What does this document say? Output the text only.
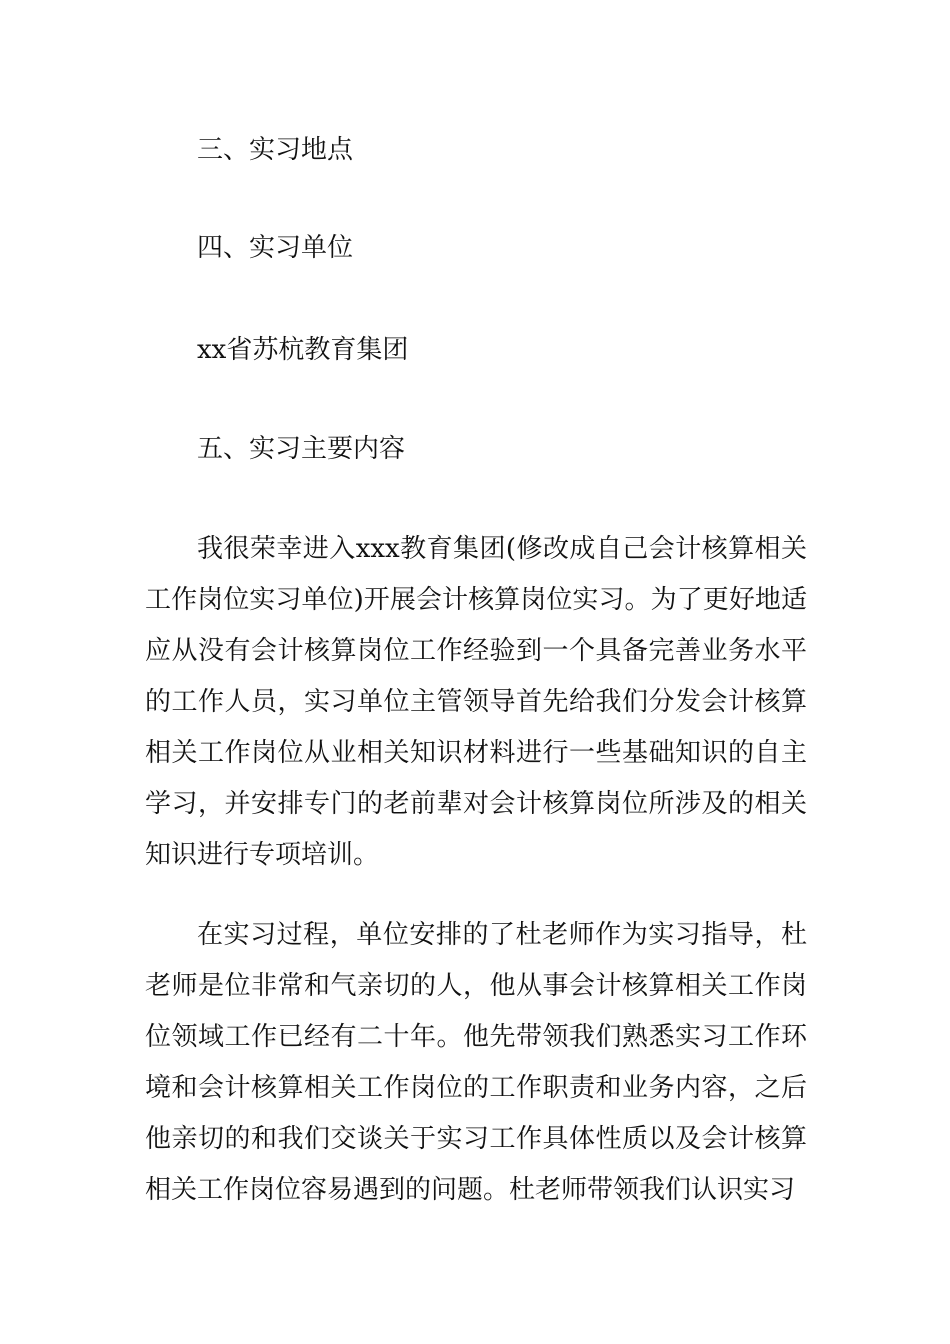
三、实习地点
四、实习单位
xx省苏杭教育集团
五、实习主要内容
我很荣幸进入xxx教育集团(修改成自己会计核算相关工作岗位实习单位)开展会计核算岗位实习。为了更好地适应从没有会计核算岗位工作经验到一个具备完善业务水平的工作人员，实习单位主管领导首先给我们分发会计核算相关工作岗位从业相关知识材料进行一些基础知识的自主学习，并安排专门的老前辈对会计核算岗位所涉及的相关知识进行专项培训。
在实习过程，单位安排的了杜老师作为实习指导，杜老师是位非常和气亲切的人，他从事会计核算相关工作岗位领域工作已经有二十年。他先带领我们熟悉实习工作环境和会计核算相关工作岗位的工作职责和业务内容，之后他亲切的和我们交谈关于实习工作具体性质以及会计核算相关工作岗位容易遇到的问题。杜老师带领我们认识实习
